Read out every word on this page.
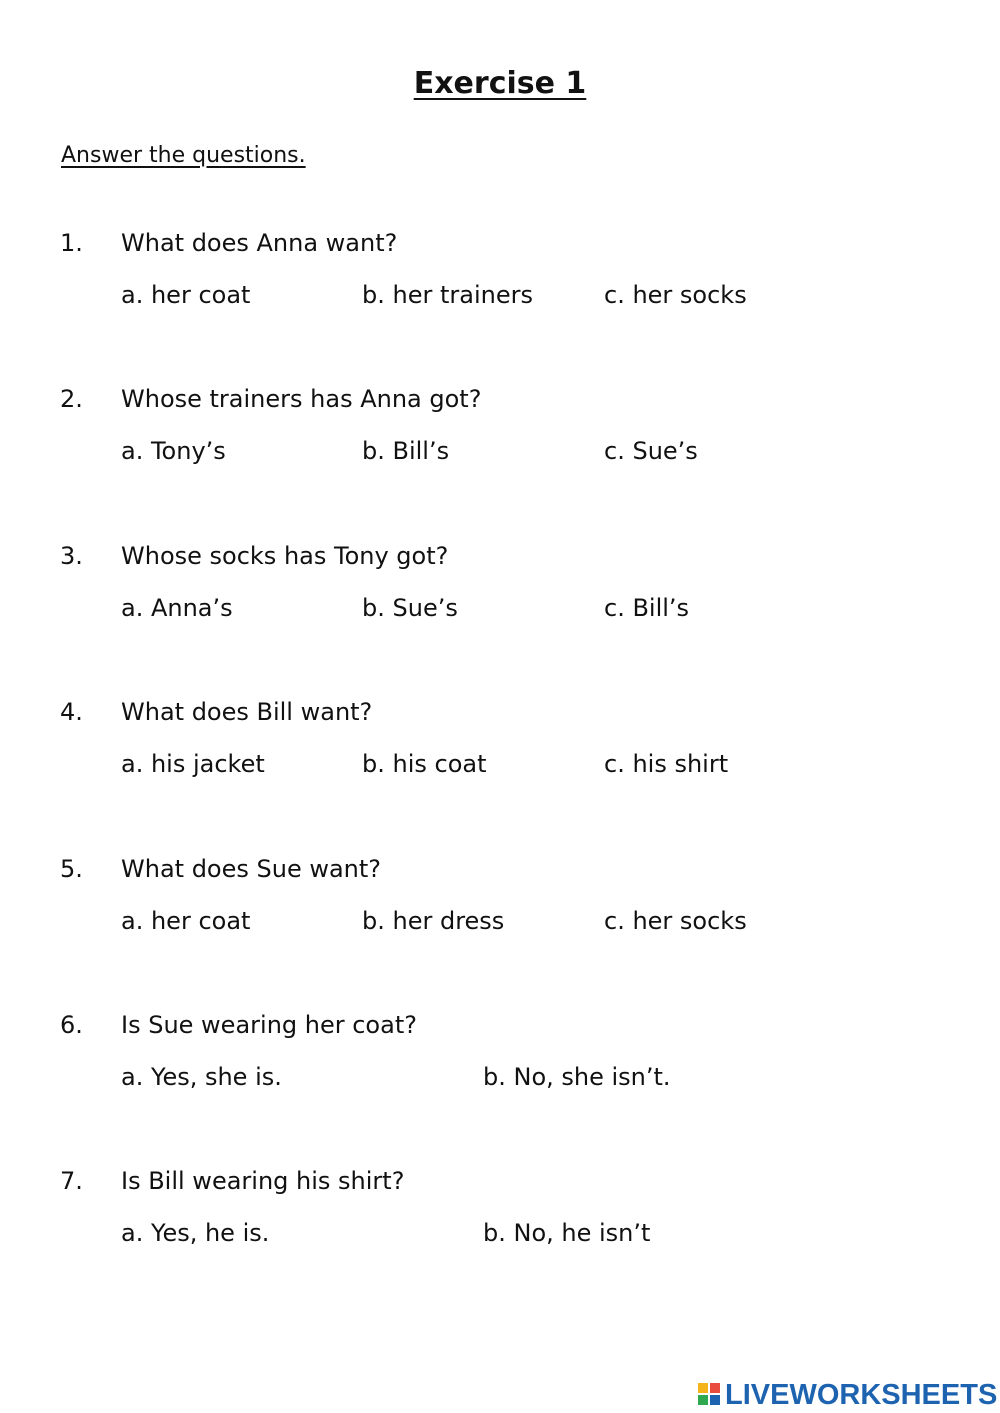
Exercise 1
Answer the questions.
1. What does Anna want?
a. her coat	b. her trainers	c. her socks
2. Whose trainers has Anna got?
a. Tony’s	b. Bill’s	c. Sue’s
3. Whose socks has Tony got?
a. Anna’s	b. Sue’s	c. Bill’s
4. What does Bill want?
a. his jacket	b. his coat	c. his shirt
5. What does Sue want?
a. her coat	b. her dress	c. her socks
6. Is Sue wearing her coat?
a. Yes, she is.	b. No, she isn’t.
7. Is Bill wearing his shirt?
a. Yes, he is.	b. No, he isn’t
LIVEWORKSHEETS
